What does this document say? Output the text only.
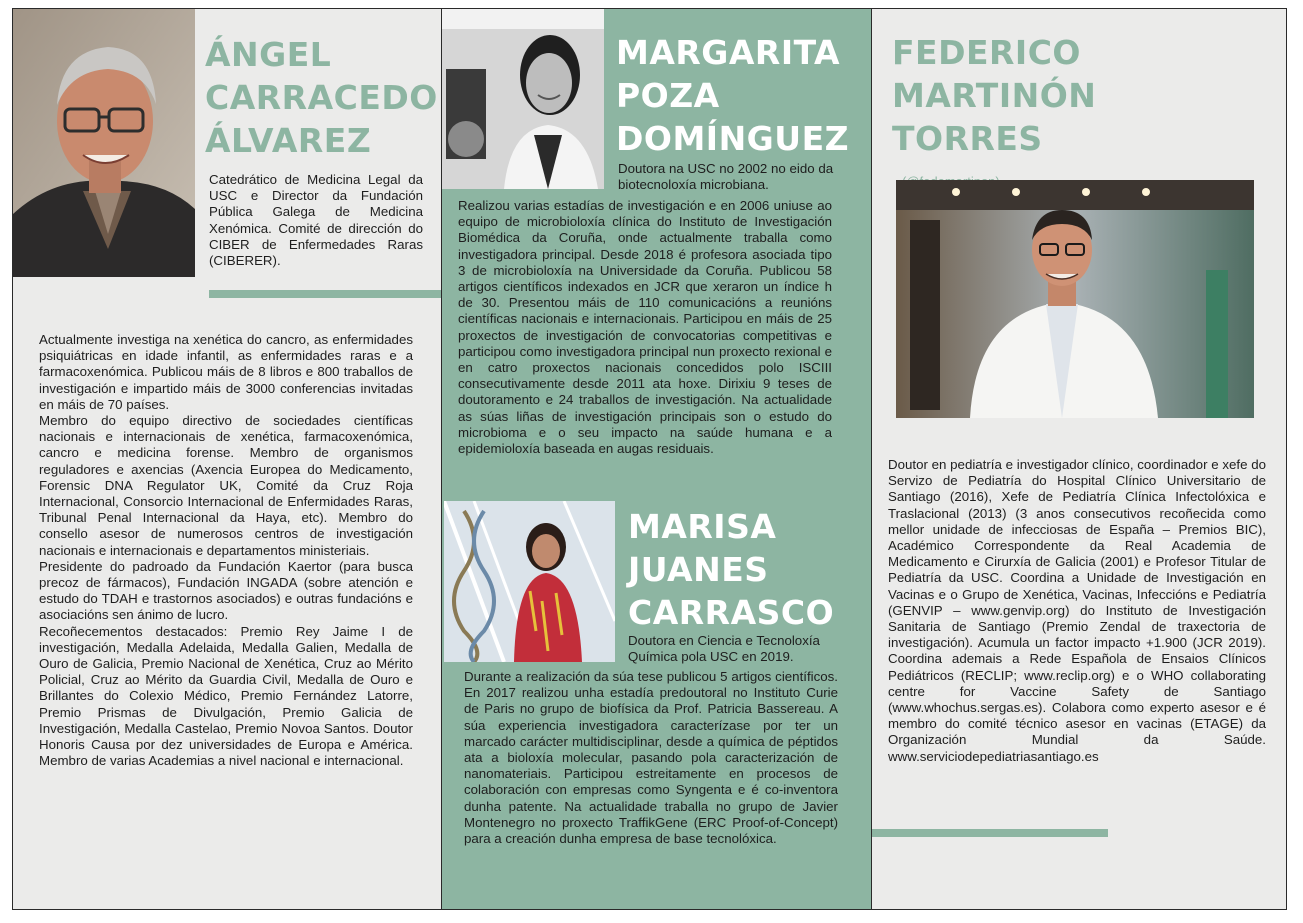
ÁNGEL
CARRACEDO
ÁLVAREZ

Catedrático de Medicina Legal da USC e Director da Fundación Pública Galega de Medicina Xenómica. Comité de dirección do CIBER de Enfermedades Raras (CIBERER).

Actualmente investiga na xenética do cancro, as enfermidades psiquiátricas en idade infantil, as enfermidades raras e a farmacoxenómica. Publicou máis de 8 libros e 800 traballos de investigación e impartido máis de 3000 conferencias invitadas en máis de 70 países.

Membro do equipo directivo de sociedades científicas nacionais e internacionais de xenética, farmacoxenómica, cancro e medicina forense. Membro de organismos reguladores e axencias (Axencia Europea do Medicamento, Forensic DNA Regulator UK, Comité da Cruz Roja Internacional, Consorcio Internacional de Enfermidades Raras, Tribunal Penal Internacional da Haya, etc). Membro do consello asesor de numerosos centros de investigación nacionais e internacionais e departamentos ministeriais.

Presidente do padroado da Fundación Kaertor (para busca precoz de fármacos), Fundación INGADA (sobre atención e estudo do TDAH e trastornos asociados) e outras fundacións e asociacións sen ánimo de lucro.

Recoñecementos destacados: Premio Rey Jaime I de investigación, Medalla Adelaida, Medalla Galien, Medalla de Ouro de Galicia, Premio Nacional de Xenética, Cruz ao Mérito Policial, Cruz ao Mérito da Guardia Civil, Medalla de Ouro e Brillantes do Colexio Médico, Premio Fernández Latorre, Premio Prismas de Divulgación, Premio Galicia de Investigación, Medalla Castelao, Premio Novoa Santos. Doutor Honoris Causa por dez universidades de Europa e América. Membro de varias Academias a nivel nacional e internacional.

MARGARITA
POZA
DOMÍNGUEZ

Doutora na USC no 2002 no eido da biotecnoloxía microbiana.

Realizou varias estadías de investigación e en 2006 uniuse ao equipo de microbioloxía clínica do Instituto de Investigación Biomédica da Coruña, onde actualmente traballa como investigadora principal. Desde 2018 é profesora asociada tipo 3 de microbioloxía na Universidade da Coruña. Publicou 58 artigos científicos indexados en JCR que xeraron un índice h de 30. Presentou máis de 110 comunicacións a reunións científicas nacionais e internacionais. Participou en máis de 25 proxectos de investigación de convocatorias competitivas e participou como investigadora principal nun proxecto rexional e en catro proxectos nacionais concedidos polo ISCIII consecutivamente desde 2011 ata hoxe. Dirixiu 9 teses de doutoramento e 24 traballos de investigación. Na actualidade as súas liñas de investigación principais son o estudo do microbioma e o seu impacto na saúde humana e a epidemioloxía baseada en augas residuais.

MARISA
JUANES
CARRASCO

Doutora en Ciencia e Tecnoloxía Química pola USC en 2019.

Durante a realización da súa tese publicou 5 artigos científicos. En 2017 realizou unha estadía predoutoral no Instituto Curie de Paris no grupo de biofísica da Prof. Patricia Bassereau. A súa experiencia investigadora caracterízase por ter un marcado carácter multidisciplinar, desde a química de péptidos ata a bioloxía molecular, pasando pola caracterización de nanomateriais. Participou estreitamente en procesos de colaboración con empresas como Syngenta e é co-inventora dunha patente. Na actualidade traballa no grupo de Javier Montenegro no proxecto TraffikGene (ERC Proof-of-Concept) para a creación dunha empresa de base tecnolóxica.

FEDERICO
MARTINÓN
TORRES

Doutor en pediatría e investigador clínico, coordinador e xefe do Servizo de Pediatría do Hospital Clínico Universitario de Santiago (2016), Xefe de Pediatría Clínica Infectolóxica e Traslacional (2013) (3 anos consecutivos recoñecida como mellor unidade de infecciosas de España – Premios BIC), Académico Correspondente da Real Academia de Medicamento e Cirurxía de Galicia (2001) e Profesor Titular de Pediatría da USC. Coordina a Unidade de Investigación en Vacinas e o Grupo de Xenética, Vacinas, Infeccións e Pediatría (GENVIP – www.genvip.org) do Instituto de Investigación Sanitaria de Santiago (Premio Zendal de traxectoria de investigación). Acumula un factor impacto +1.900 (JCR 2019). Coordina ademais a Rede Española de Ensaios Clínicos Pediátricos (RECLIP; www.reclip.org) e o WHO collaborating centre for Vaccine Safety de Santiago (www.whochus.sergas.es). Colabora como experto asesor e é membro do comité técnico asesor en vacinas (ETAGE) da Organización Mundial da Saúde. www.serviciodepediatriasantiago.es
